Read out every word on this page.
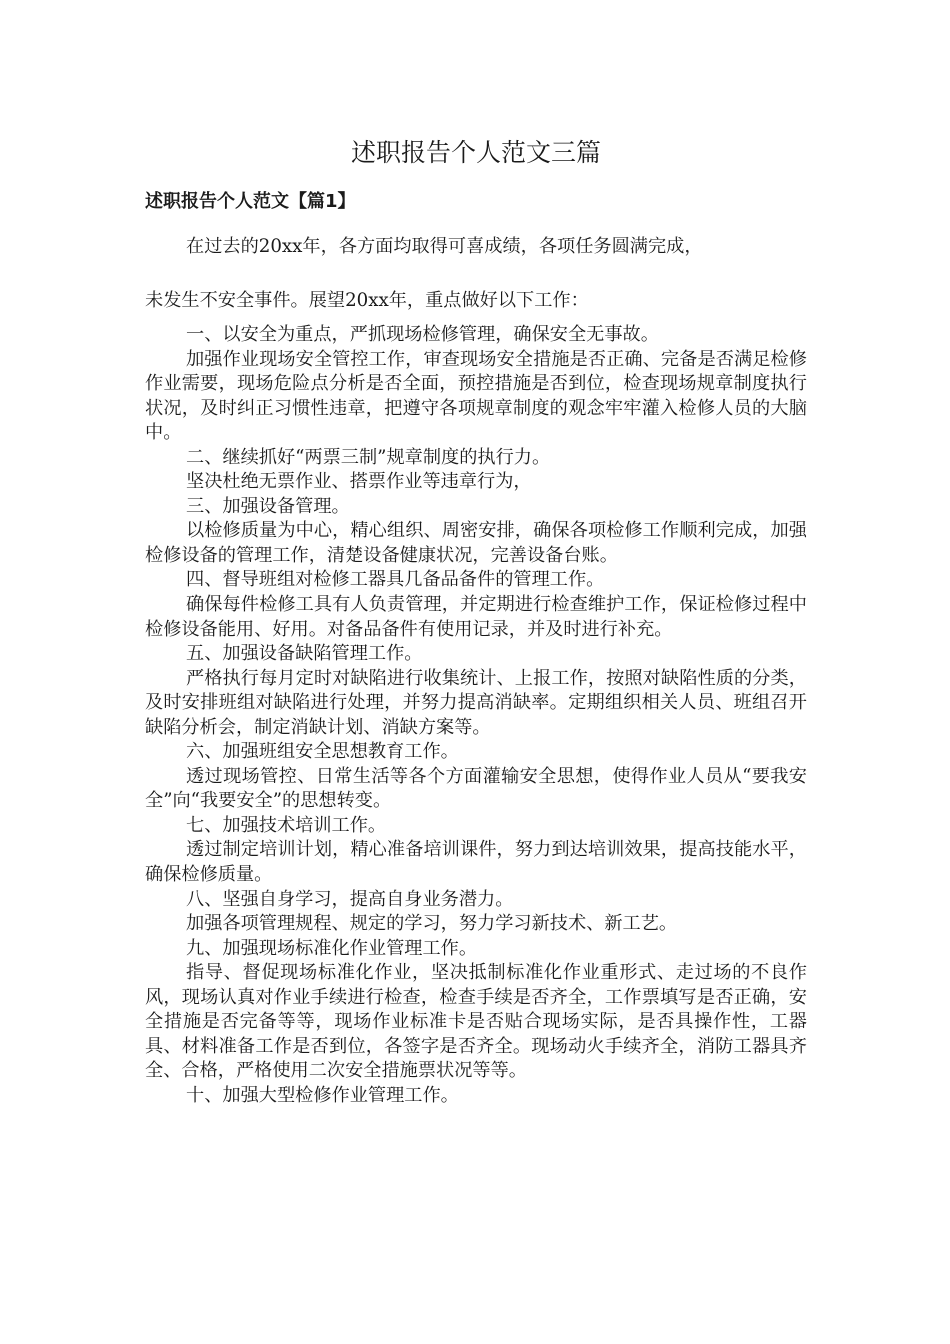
述职报告个人范文三篇
述职报告个人范文【篇1】

在过去的20xx年，各方面均取得可喜成绩，各项任务圆满完成，

未发生不安全事件。展望20xx年，重点做好以下工作：

一、以安全为重点，严抓现场检修管理，确保安全无事故。

加强作业现场安全管控工作，审查现场安全措施是否正确、完备是否满足检修作业需要，现场危险点分析是否全面，预控措施是否到位，检查现场规章制度执行状况，及时纠正习惯性违章，把遵守各项规章制度的观念牢牢灌入检修人员的大脑中。

二、继续抓好“两票三制”规章制度的执行力。

坚决杜绝无票作业、搭票作业等违章行为，

三、加强设备管理。

以检修质量为中心，精心组织、周密安排，确保各项检修工作顺利完成，加强检修设备的管理工作，清楚设备健康状况，完善设备台账。

四、督导班组对检修工器具几备品备件的管理工作。

确保每件检修工具有人负责管理，并定期进行检查维护工作，保证检修过程中检修设备能用、好用。对备品备件有使用记录，并及时进行补充。

五、加强设备缺陷管理工作。

严格执行每月定时对缺陷进行收集统计、上报工作，按照对缺陷性质的分类，及时安排班组对缺陷进行处理，并努力提高消缺率。定期组织相关人员、班组召开缺陷分析会，制定消缺计划、消缺方案等。

六、加强班组安全思想教育工作。

透过现场管控、日常生活等各个方面灌输安全思想，使得作业人员从“要我安全”向“我要安全”的思想转变。

七、加强技术培训工作。

透过制定培训计划，精心准备培训课件，努力到达培训效果，提高技能水平，确保检修质量。

八、坚强自身学习，提高自身业务潜力。

加强各项管理规程、规定的学习，努力学习新技术、新工艺。

九、加强现场标准化作业管理工作。

指导、督促现场标准化作业，坚决抵制标准化作业重形式、走过场的不良作风，现场认真对作业手续进行检查，检查手续是否齐全，工作票填写是否正确，安全措施是否完备等等，现场作业标准卡是否贴合现场实际，是否具操作性，工器具、材料准备工作是否到位，各签字是否齐全。现场动火手续齐全，消防工器具齐全、合格，严格使用二次安全措施票状况等等。

十、加强大型检修作业管理工作。
